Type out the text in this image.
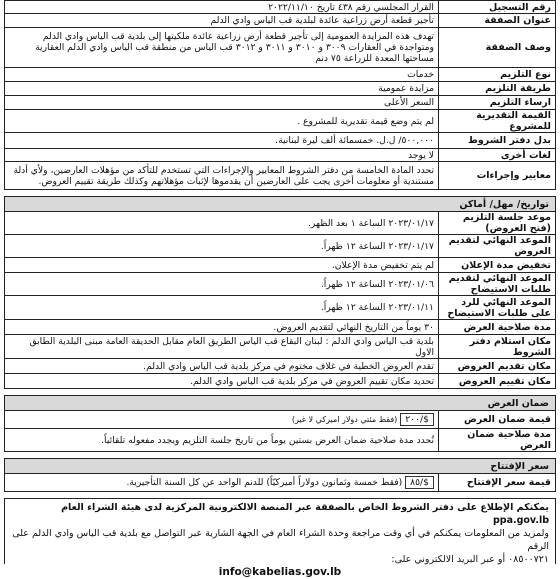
رقم التسجيل	القرار المجلسي رقم ٤٣٨ تاريخ ٢٠٢٢/١١/١٠
عنوان الصفقة	تأجير قطعة أرض زراعية عائدة لبلدية قب الياس وادي الدلم
وصف الصفقة	تهدف هذه المزايدة العمومية إلى تأجير قطعة أرض زراعية عائدة ملكيتها إلى بلدية قب الياس وادي الدلم ومتواجدة في العقارات ٣٠٠٩ و ٣٠١٠ و ٣٠١١ و ٣٠١٢ قب الياس من منطقة قب الياس وادي الدلم العقارية مساحتها المعدة للزراعة ٧٥ دنم
نوع التلزيم	خدمات
طريقة التلزيم	مزايدة عمومية
ارساء التلزيم	السعر الأعلى
القيمة التقديرية للمشروع	لم يتم وضع قيمة تقديرية للمشروع .
بدل دفتر الشروط	٥٠٠,٠٠٠/ ل.ل. خمسمائة ألف ليرة لبنانية.
لغات أخرى	لا يوجد
معايير وإجراءات	تحدد المادة الخامسة من دفتر الشروط المعايير والإجراءات التي تستخدم للتأكد من مؤهلات العارضين، ولأي أدلة مستندية أو معلومات أخرى يجب على العارضين أن يقدموها لإثبات مؤهلاتهم وكذلك طريقة تقييم العروض.
تواريخ/ مهل/ أماكن
موعد جلسة التلزيم (فتح العروض)	٢٠٢٣/٠١/١٧ الساعة ١ بعد الظهر.
الموعد النهائي لتقديم العروض	٢٠٢٣/٠١/١٧ الساعة ١٢ ظهراً.
تخفيض مدة الإعلان	لم يتم تخفيض مدة الإعلان.
الموعد النهائي لتقديم طلبات الاستيضاح	٢٠٢٣/٠١/٠٦ الساعة ١٢ ظهراً.
الموعد النهائي للرد على طلبات الاستيضاح	٢٠٢٣/٠١/١١ الساعة ١٢ ظهراً.
مدة صلاحية العرض	٣٠ يوماً من التاريخ النهائي لتقديم العروض.
مكان استلام دفتر الشروط	بلدية قب الياس وادي الدلم : لبنان البقاع قب الياس الطريق العام مقابل الحديقة العامة مبنى البلدية الطابق الاول
مكان تقديم العروض	تقدم العروض الخطية في غلاف مختوم في مركز بلدية قب الياس وادي الدلم.
مكان تقييم العروض	تحديد مكان تقييم العروض في مركز بلدية قب الياس وادي الدلم.
ضمان العرض
قيمة ضمان العرض	$/٢٠٠ (فقط مئتي دولار اميركي لا غير)
مدة صلاحية ضمان العرض	تُحدد مدة صلاحية ضمان العرض بستين يوماً من تاريخ جلسة التلزيم ويجدد مفعوله تلقائياً.
سعر الإفتتاح
قيمة سعر الإفتتاح	$/٨٥ (فقط خمسة وثمانون دولاراً أميركيّاً) للدنم الواحد عن كل السنة التأجيرية.
يمكنكم الإطلاع على دفتر الشروط الخاص بالصفقة عبر المنصة الالكترونية المركزية لدى هيئة الشراء العام ppa.gov.lb
ولمزيد من المعلومات يمكنكم في أي وقت مراجعة وحدة الشراء العام في الجهة الشارية عبر التواصل مع بلدية قب الياس وادي الدلم على الرقم
٠٨٥٠٠٧٢١ أو عبر البريد الالكتروني على:
info@kabelias.gov.lb
